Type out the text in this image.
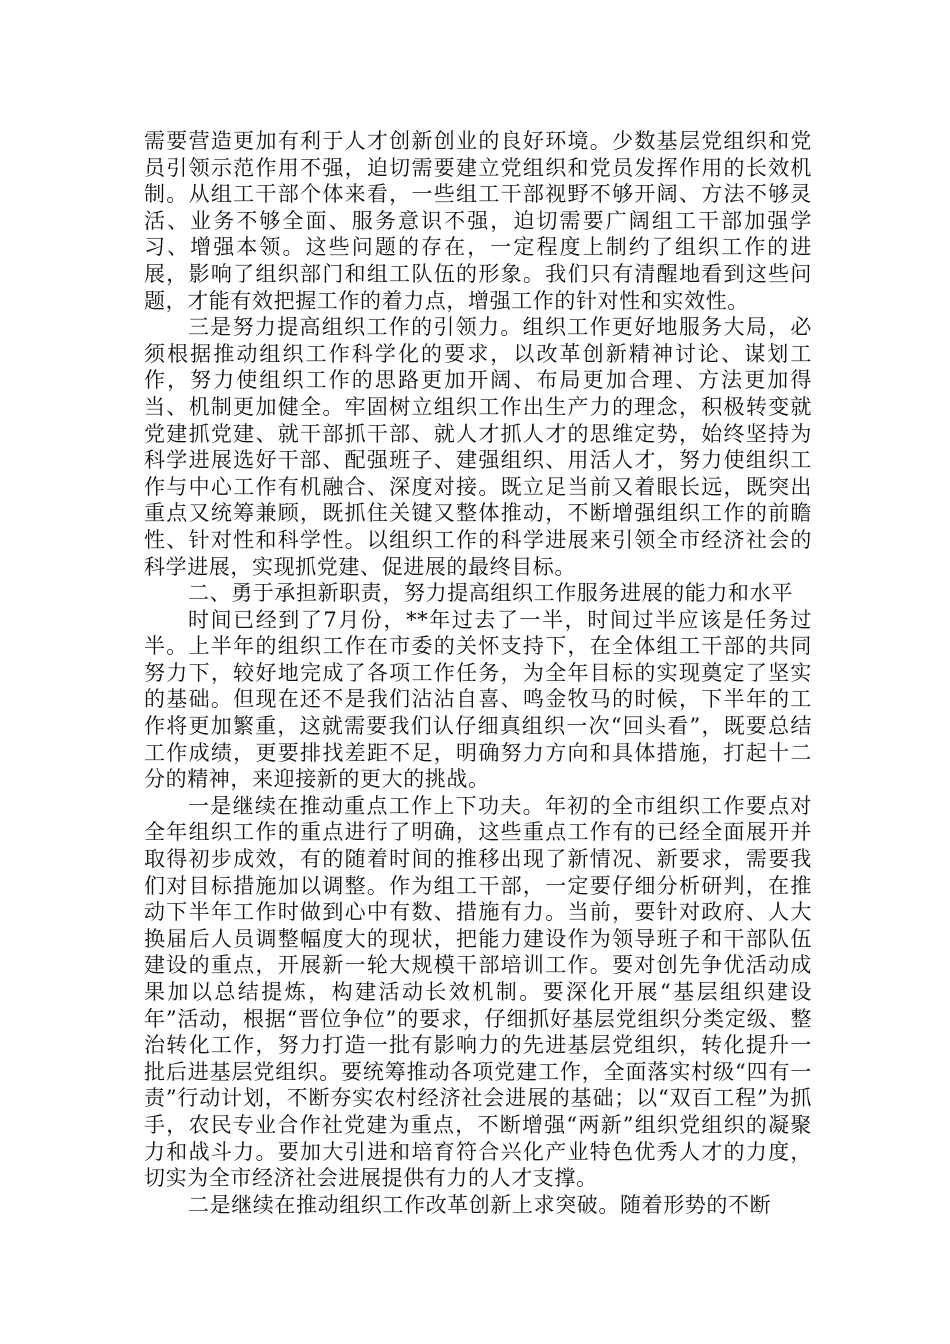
需要营造更加有利于人才创新创业的良好环境。少数基层党组织和党员引领示范作用不强，迫切需要建立党组织和党员发挥作用的长效机制。从组工干部个体来看，一些组工干部视野不够开阔、方法不够灵活、业务不够全面、服务意识不强，迫切需要广阔组工干部加强学习、增强本领。这些问题的存在，一定程度上制约了组织工作的进展，影响了组织部门和组工队伍的形象。我们只有清醒地看到这些问题，才能有效把握工作的着力点，增强工作的针对性和实效性。

三是努力提高组织工作的引领力。组织工作更好地服务大局，必须根据推动组织工作科学化的要求，以改革创新精神讨论、谋划工作，努力使组织工作的思路更加开阔、布局更加合理、方法更加得当、机制更加健全。牢固树立组织工作出生产力的理念，积极转变就党建抓党建、就干部抓干部、就人才抓人才的思维定势，始终坚持为科学进展选好干部、配强班子、建强组织、用活人才，努力使组织工作与中心工作有机融合、深度对接。既立足当前又着眼长远，既突出重点又统筹兼顾，既抓住关键又整体推动，不断增强组织工作的前瞻性、针对性和科学性。以组织工作的科学进展来引领全市经济社会的科学进展，实现抓党建、促进展的最终目标。

二、勇于承担新职责，努力提高组织工作服务进展的能力和水平

时间已经到了7月份，**年过去了一半，时间过半应该是任务过半。上半年的组织工作在市委的关怀支持下，在全体组工干部的共同努力下，较好地完成了各项工作任务，为全年目标的实现奠定了坚实的基础。但现在还不是我们沾沾自喜、鸣金牧马的时候，下半年的工作将更加繁重，这就需要我们认仔细真组织一次“回头看”，既要总结工作成绩，更要排找差距不足，明确努力方向和具体措施，打起十二分的精神，来迎接新的更大的挑战。

一是继续在推动重点工作上下功夫。年初的全市组织工作要点对全年组织工作的重点进行了明确，这些重点工作有的已经全面展开并取得初步成效，有的随着时间的推移出现了新情况、新要求，需要我们对目标措施加以调整。作为组工干部，一定要仔细分析研判，在推动下半年工作时做到心中有数、措施有力。当前，要针对政府、人大换届后人员调整幅度大的现状，把能力建设作为领导班子和干部队伍建设的重点，开展新一轮大规模干部培训工作。要对创先争优活动成果加以总结提炼，构建活动长效机制。要深化开展“基层组织建设年”活动，根据“晋位争位”的要求，仔细抓好基层党组织分类定级、整治转化工作，努力打造一批有影响力的先进基层党组织，转化提升一批后进基层党组织。要统筹推动各项党建工作，全面落实村级“四有一责”行动计划，不断夯实农村经济社会进展的基础；以“双百工程”为抓手，农民专业合作社党建为重点，不断增强“两新”组织党组织的凝聚力和战斗力。要加大引进和培育符合兴化产业特色优秀人才的力度，切实为全市经济社会进展提供有力的人才支撑。

二是继续在推动组织工作改革创新上求突破。随着形势的不断
